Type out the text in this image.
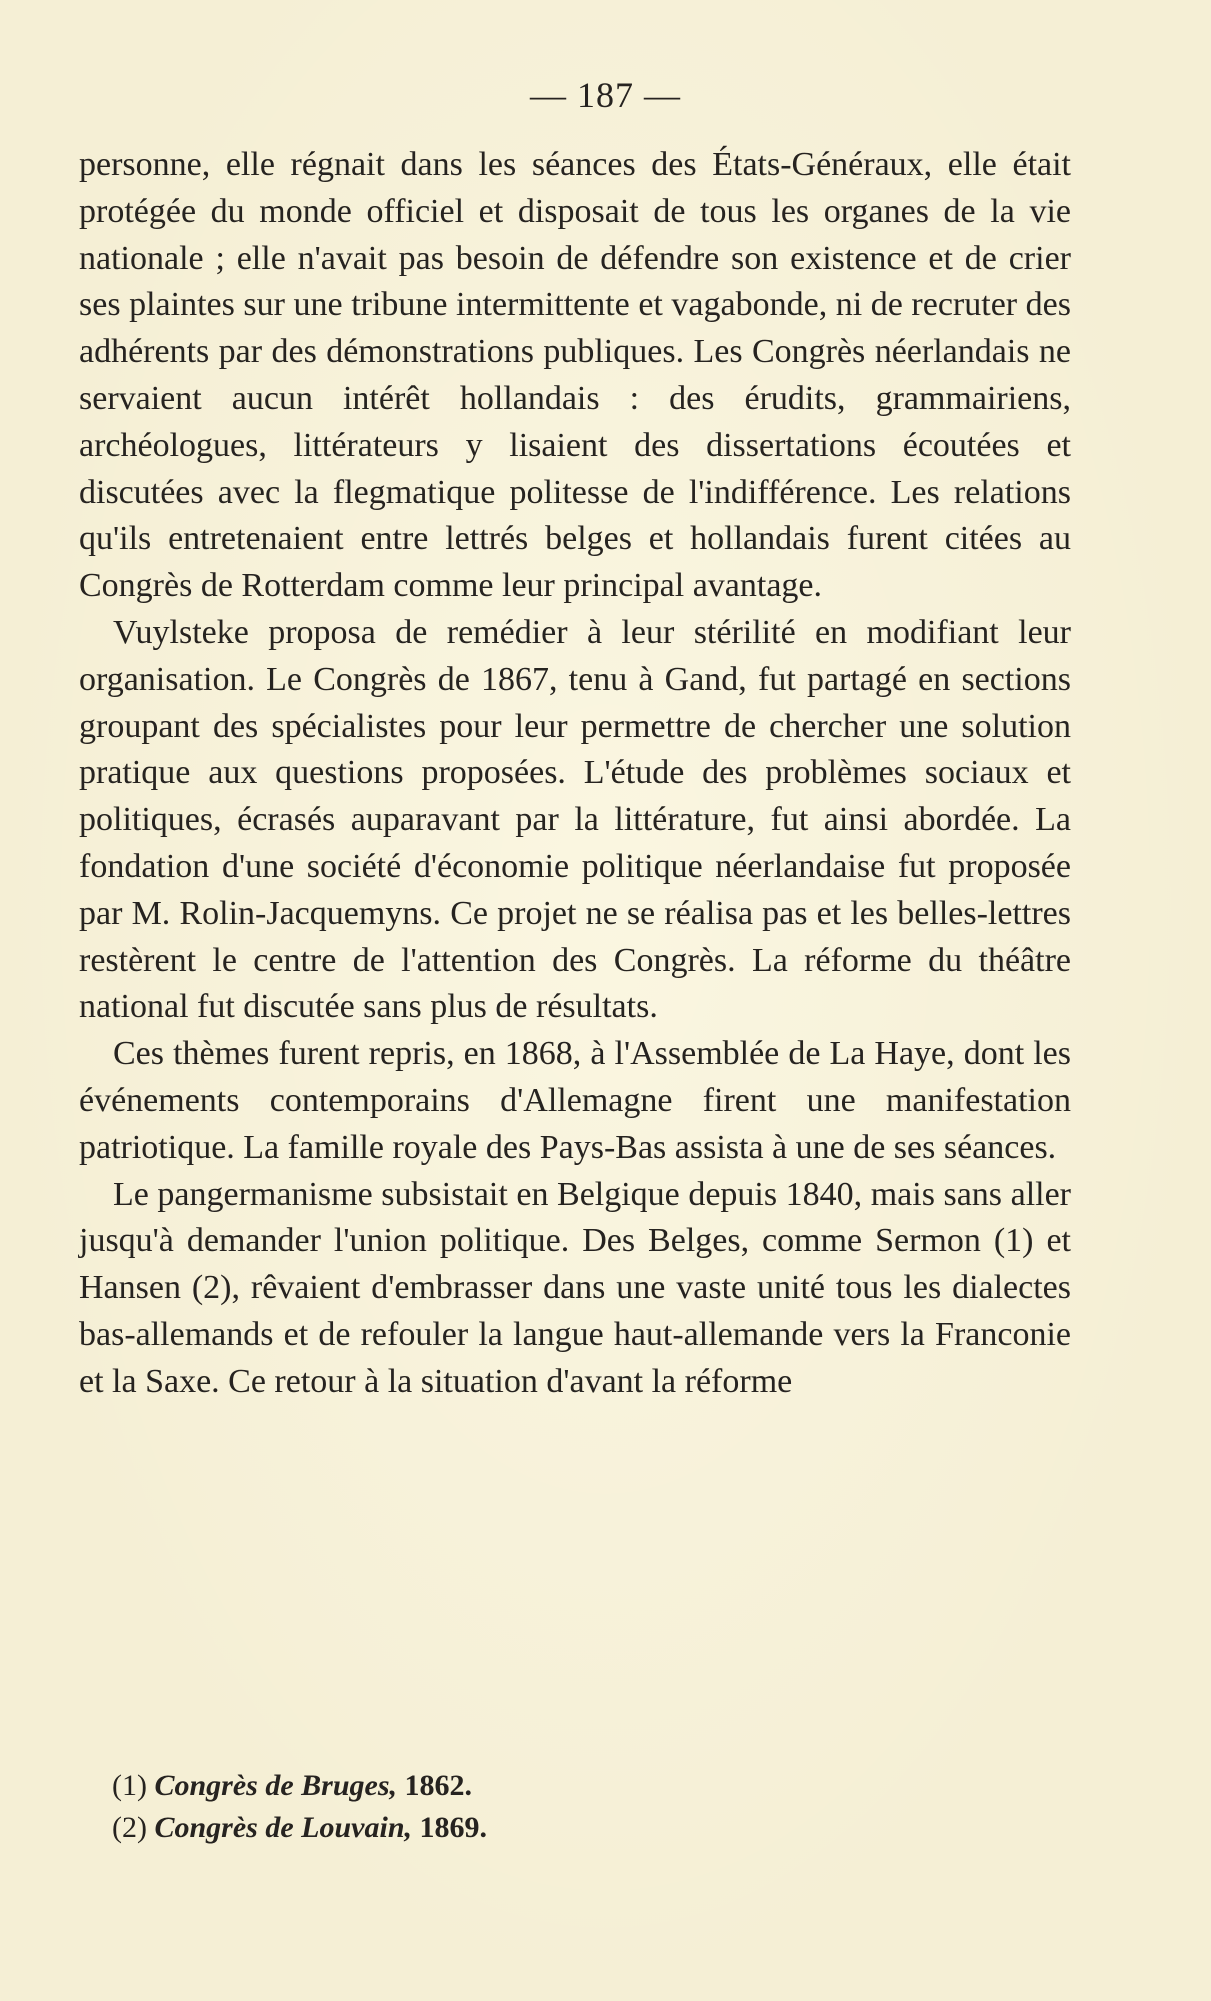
— 187 —

personne, elle régnait dans les séances des États-Généraux, elle était protégée du monde officiel et disposait de tous les organes de la vie nationale ; elle n'avait pas besoin de défendre son existence et de crier ses plaintes sur une tribune intermittente et vagabonde, ni de recruter des adhérents par des démonstrations publiques. Les Congrès néerlandais ne servaient aucun intérêt hollandais : des érudits, grammairiens, archéologues, littérateurs y lisaient des dissertations écoutées et discutées avec la flegmatique politesse de l'indifférence. Les relations qu'ils entretenaient entre lettrés belges et hollandais furent citées au Congrès de Rotterdam comme leur principal avantage.

Vuylsteke proposa de remédier à leur stérilité en modifiant leur organisation. Le Congrès de 1867, tenu à Gand, fut partagé en sections groupant des spécialistes pour leur permettre de chercher une solution pratique aux questions proposées. L'étude des problèmes sociaux et politiques, écrasés auparavant par la littérature, fut ainsi abordée. La fondation d'une société d'économie politique néerlandaise fut proposée par M. Rolin-Jacquemyns. Ce projet ne se réalisa pas et les belles-lettres restèrent le centre de l'attention des Congrès. La réforme du théâtre national fut discutée sans plus de résultats.

Ces thèmes furent repris, en 1868, à l'Assemblée de La Haye, dont les événements contemporains d'Allemagne firent une manifestation patriotique. La famille royale des Pays-Bas assista à une de ses séances.

Le pangermanisme subsistait en Belgique depuis 1840, mais sans aller jusqu'à demander l'union politique. Des Belges, comme Sermon (1) et Hansen (2), rêvaient d'embrasser dans une vaste unité tous les dialectes bas-allemands et de refouler la langue haut-allemande vers la Franconie et la Saxe. Ce retour à la situation d'avant la réforme

(1) Congrès de Bruges, 1862.

(2) Congrès de Louvain, 1869.
